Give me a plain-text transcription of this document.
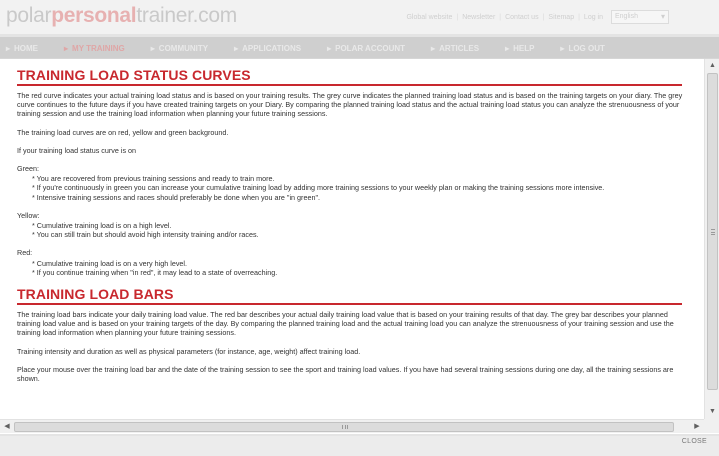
polarpersonaltrainer.com	Global website | Newsletter | Contact us | Sitemap | Log in	English ▾
▸ HOME	▸ MY TRAINING	▸ COMMUNITY	▸ APPLICATIONS	▸ POLAR ACCOUNT	▸ ARTICLES	▸ HELP	▸ LOG OUT
TRAINING LOAD STATUS CURVES

The red curve indicates your actual training load status and is based on your training results. The grey curve indicates the planned training load status and is based on the training targets on your diary. The grey curve continues to the future days if you have created training targets on your Diary. By comparing the planned training load status and the actual training load status you can analyze the strenuousness of your training session and use the training load information when planning your future training sessions.

The training load curves are on red, yellow and green background.

If your training load status curve is on

Green:

* You are recovered from previous training sessions and ready to train more.
* If you're continuously in green you can increase your cumulative training load by adding more training sessions to your weekly plan or making the training sessions more intensive.
* Intensive training sessions and races should preferably be done when you are "in green".

Yellow:

* Cumulative training load is on a high level.
* You can still train but should avoid high intensity training and/or races.

Red:

* Cumulative training load is on a very high level.
* If you continue training when "in red", it may lead to a state of overreaching.
TRAINING LOAD BARS

The training load bars indicate your daily training load value. The red bar describes your actual daily training load value that is based on your training results of that day. The grey bar describes your planned training load value and is based on your training targets of the day. By comparing the planned training load and the actual training load you can analyze the strenuousness of your training session and use the training load information when planning your future training sessions.

Training intensity and duration as well as physical parameters (for instance, age, weight) affect training load.

Place your mouse over the training load bar and the date of the training session to see the sport and training load values. If you have had several training sessions during one day, all the training sessions are shown.

▲
▼
◀	▶
CLOSE
